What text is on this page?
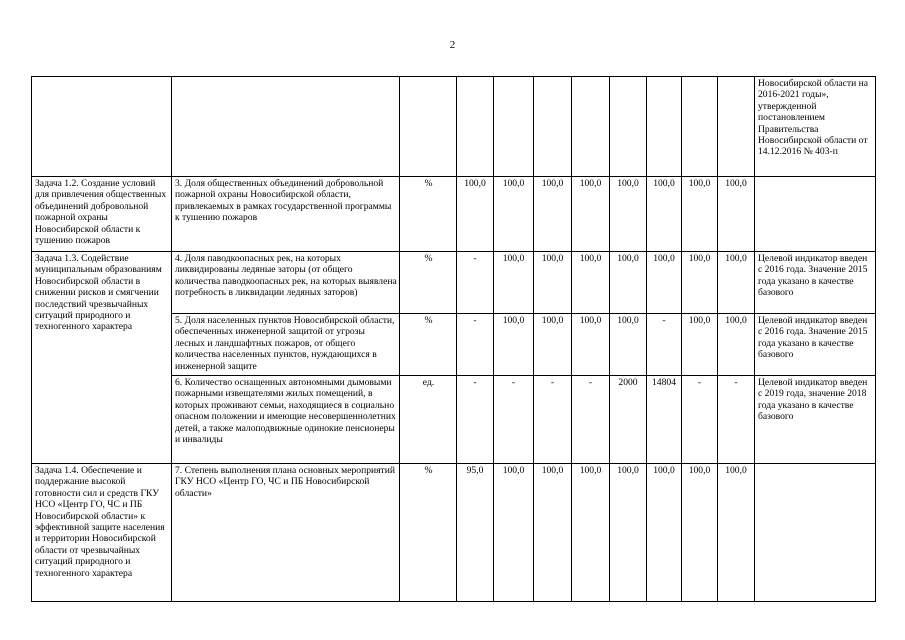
2
											Новосибирской области на 2016-2021 годы», утвержденной постановлением Правительства Новосибирской области от 14.12.2016 № 403-п
Задача 1.2. Создание условий для привлечения общественных объединений добровольной пожарной охраны Новосибирской области к тушению пожаров	3. Доля общественных объединений добровольной пожарной охраны Новосибирской области, привлекаемых в рамках государственной программы к тушению пожаров	%	100,0	100,0	100,0	100,0	100,0	100,0	100,0	100,0	
Задача 1.3. Содействие муниципальным образованиям Новосибирской области в снижении рисков и смягчении последствий чрезвычайных ситуаций природного и техногенного характера	4. Доля паводкоопасных рек, на которых ликвидированы ледяные заторы (от общего количества паводкоопасных рек, на которых выявлена потребность в ликвидации ледяных заторов)	%	-	100,0	100,0	100,0	100,0	100,0	100,0	100,0	Целевой индикатор введен с 2016 года. Значение 2015 года указано в качестве базового
	5. Доля населенных пунктов Новосибирской области, обеспеченных инженерной защитой от угрозы лесных и ландшафтных пожаров, от общего количества населенных пунктов, нуждающихся в инженерной защите	%	-	100,0	100,0	100,0	100,0	-	100,0	100,0	Целевой индикатор введен с 2016 года. Значение 2015 года указано в качестве базового
	6. Количество оснащенных автономными дымовыми пожарными извещателями жилых помещений, в которых проживают семьи, находящиеся в социально опасном положении и имеющие несовершеннолетних детей, а также малоподвижные одинокие пенсионеры и инвалиды	ед.	-	-	-	-	2000	14804	-	-	Целевой индикатор введен с 2019 года, значение 2018 года указано в качестве базового
Задача 1.4. Обеспечение и поддержание высокой готовности сил и средств ГКУ НСО «Центр ГО, ЧС и ПБ Новосибирской области» к эффективной защите населения и территории Новосибирской области от чрезвычайных ситуаций природного и техногенного характера	7. Степень выполнения плана основных мероприятий ГКУ НСО «Центр ГО, ЧС и ПБ Новосибирской области»	%	95,0	100,0	100,0	100,0	100,0	100,0	100,0	100,0	
